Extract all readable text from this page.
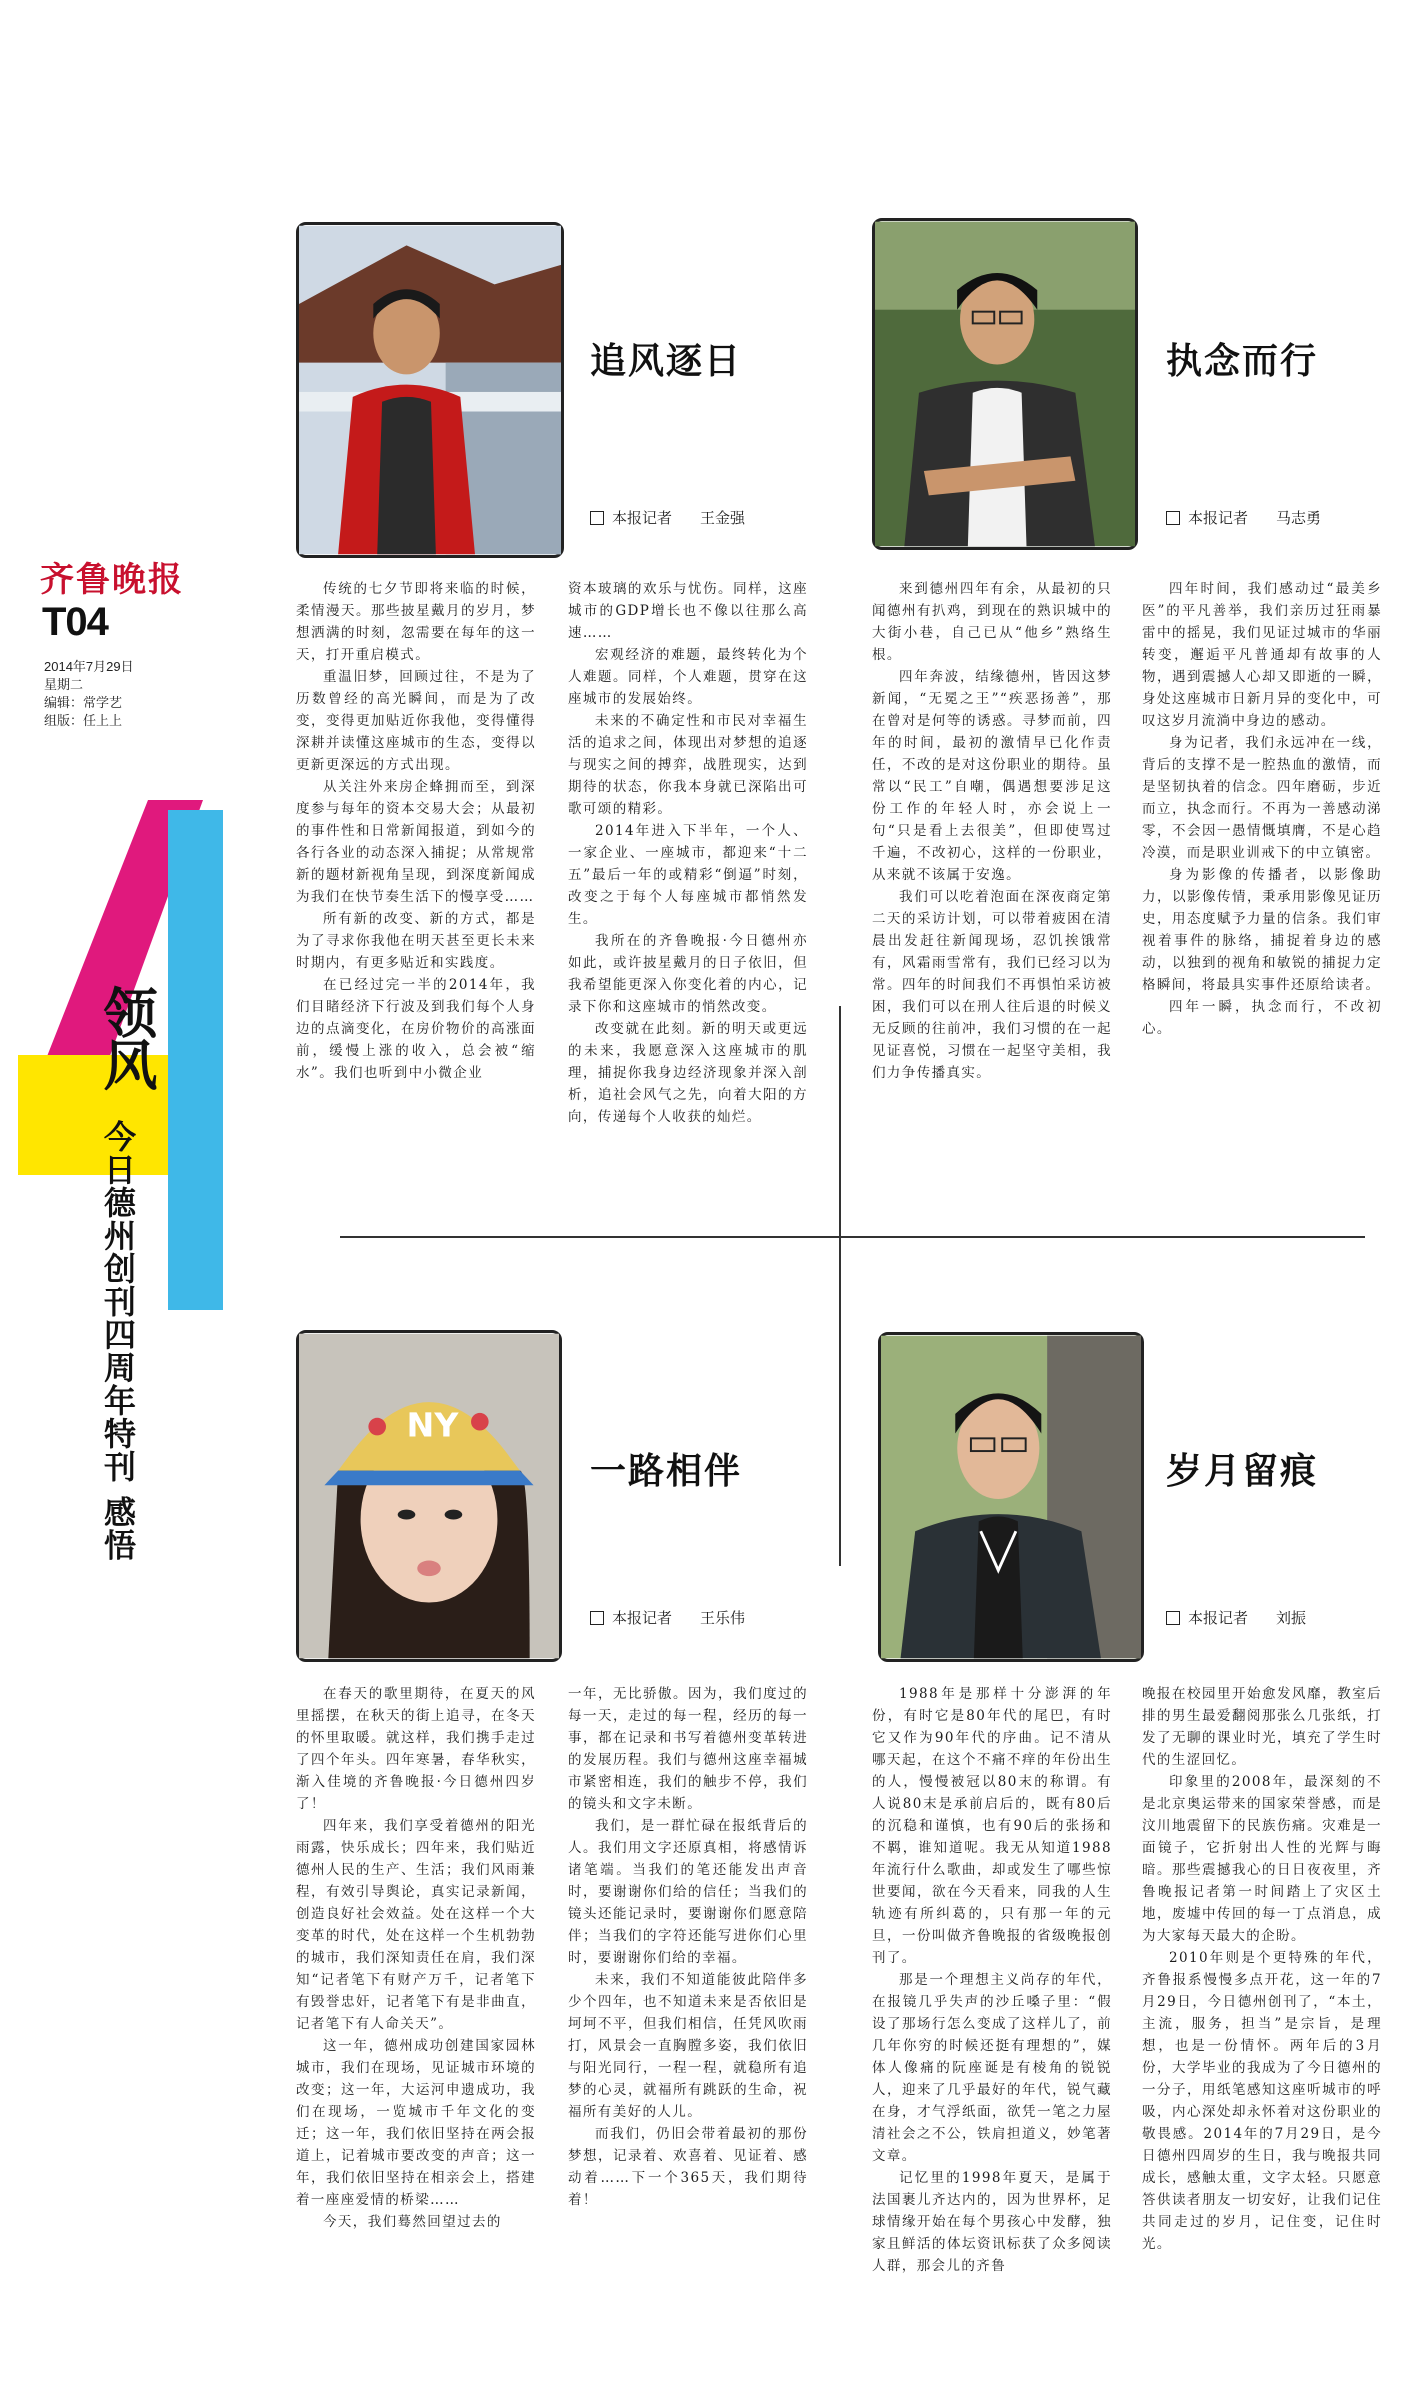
齐鲁晚报
T04
2014年7月29日
星期二
编辑：常学艺
组版：任上上
领风
今日德州创刊四周年特刊 感悟
追风逐日
本报记者 王金强

传统的七夕节即将来临的时候，柔情漫天。那些披星戴月的岁月，梦想洒满的时刻，忽需要在每年的这一天，打开重启模式。

重温旧梦，回顾过往，不是为了历数曾经的高光瞬间，而是为了改变，变得更加贴近你我他，变得懂得深耕并读懂这座城市的生态，变得以更新更深远的方式出现。

从关注外来房企蜂拥而至，到深度参与每年的资本交易大会；从最初的事件性和日常新闻报道，到如今的各行各业的动态深入捕捉；从常规常新的题材新视角呈现，到深度新闻成为我们在快节奏生活下的慢享受……

所有新的改变、新的方式，都是为了寻求你我他在明天甚至更长未来时期内，有更多贴近和实践度。

在已经过完一半的2014年，我们目睹经济下行波及到我们每个人身边的点滴变化，在房价物价的高涨面前，缓慢上涨的收入，总会被“缩水”。我们也听到中小微企业

资本玻璃的欢乐与忧伤。同样，这座城市的GDP增长也不像以往那么高速……

宏观经济的难题，最终转化为个人难题。同样，个人难题，贯穿在这座城市的发展始终。

未来的不确定性和市民对幸福生活的追求之间，体现出对梦想的追逐与现实之间的搏弈，战胜现实，达到期待的状态，你我本身就已深陷出可歌可颂的精彩。

2014年进入下半年，一个人、一家企业、一座城市，都迎来“十二五”最后一年的或精彩“倒逼”时刻，改变之于每个人每座城市都悄然发生。

我所在的齐鲁晚报·今日德州亦如此，或许披星戴月的日子依旧，但我希望能更深入你变化着的内心，记录下你和这座城市的悄然改变。

改变就在此刻。新的明天或更远的未来，我愿意深入这座城市的肌理，捕捉你我身边经济现象并深入剖析，追社会风气之先，向着大阳的方向，传递每个人收获的灿烂。

执念而行
本报记者 马志勇

来到德州四年有余，从最初的只闻德州有扒鸡，到现在的熟识城中的大街小巷，自己已从“他乡”熟络生根。

四年奔波，结缘德州，皆因这梦新闻，“无冕之王”“疾恶扬善”，那在曾对是何等的诱惑。寻梦而前，四年的时间，最初的激情早已化作责任，不改的是对这份职业的期待。虽常以“民工”自嘲，偶遇想要涉足这份工作的年轻人时，亦会说上一句“只是看上去很美”，但即使骂过千遍，不改初心，这样的一份职业，从来就不该属于安逸。

我们可以吃着泡面在深夜商定第二天的采访计划，可以带着疲困在清晨出发赶往新闻现场，忍饥挨饿常有，风霜雨雪常有，我们已经习以为常。四年的时间我们不再惧怕采访被困，我们可以在刑人往后退的时候义无反顾的往前冲，我们习惯的在一起见证喜悦，习惯在一起坚守美相，我们力争传播真实。

四年时间，我们感动过“最美乡医”的平凡善举，我们亲历过狂雨暴雷中的摇晃，我们见证过城市的华丽转变，邂逅平凡普通却有故事的人物，遇到震撼人心却又即逝的一瞬，身处这座城市日新月异的变化中，可叹这岁月流淌中身边的感动。

身为记者，我们永远冲在一线，背后的支撑不是一腔热血的激情，而是坚韧执着的信念。四年磨砺，步近而立，执念而行。不再为一善感动涕零，不会因一愚情慨填膺，不是心趋冷漠，而是职业训戒下的中立镇密。

身为影像的传播者，以影像助力，以影像传情，秉承用影像见证历史，用态度赋予力量的信条。我们审视着事件的脉络，捕捉着身边的感动，以独到的视角和敏锐的捕捉力定格瞬间，将最具实事件还原给读者。

四年一瞬，执念而行，不改初心。

NY
一路相伴
本报记者 王乐伟

在春天的歌里期待，在夏天的风里摇摆，在秋天的街上追寻，在冬天的怀里取暖。就这样，我们携手走过了四个年头。四年寒暑，春华秋实，渐入佳境的齐鲁晚报·今日德州四岁了！

四年来，我们享受着德州的阳光雨露，快乐成长；四年来，我们贴近德州人民的生产、生活；我们风雨兼程，有效引导舆论，真实记录新闻，创造良好社会效益。处在这样一个大变革的时代，处在这样一个生机勃勃的城市，我们深知责任在肩，我们深知“记者笔下有财产万千，记者笔下有毁誉忠奸，记者笔下有是非曲直，记者笔下有人命关天”。

这一年，德州成功创建国家园林城市，我们在现场，见证城市环境的改变；这一年，大运河申遗成功，我们在现场，一览城市千年文化的变迁；这一年，我们依旧坚持在两会报道上，记着城市要改变的声音；这一年，我们依旧坚持在相亲会上，搭建着一座座爱情的桥梁……

今天，我们蓦然回望过去的

一年，无比骄傲。因为，我们度过的每一天，走过的每一程，经历的每一事，都在记录和书写着德州变革转进的发展历程。我们与德州这座幸福城市紧密相连，我们的触步不停，我们的镜头和文字未断。

我们，是一群忙碌在报纸背后的人。我们用文字还原真相，将感情诉诸笔端。当我们的笔还能发出声音时，要谢谢你们给的信任；当我们的镜头还能记录时，要谢谢你们愿意陪伴；当我们的字符还能写进你们心里时，要谢谢你们给的幸福。

未来，我们不知道能彼此陪伴多少个四年，也不知道未来是否依旧是坷坷不平，但我们相信，任凭风吹雨打，风景会一直胸膛多姿，我们依旧与阳光同行，一程一程，就稳所有追梦的心灵，就福所有跳跃的生命，祝福所有美好的人儿。

而我们，仍旧会带着最初的那份梦想，记录着、欢喜着、见证着、感动着……下一个365天，我们期待着！

岁月留痕
本报记者 刘振

1988年是那样十分澎湃的年份，有时它是80年代的尾巴，有时它又作为90年代的序曲。记不清从哪天起，在这个不痛不痒的年份出生的人，慢慢被冠以80末的称谓。有人说80末是承前启后的，既有80后的沉稳和谨慎，也有90后的张扬和不羁，谁知道呢。我无从知道1988年流行什么歌曲，却或发生了哪些惊世要闻，欲在今天看来，同我的人生轨迹有所纠葛的，只有那一年的元旦，一份叫做齐鲁晚报的省级晚报创刊了。

那是一个理想主义尚存的年代，在报镜几乎失声的沙丘嗓子里：“假设了那场行怎么变成了这样儿了，前几年你穷的时候还挺有理想的”，媒体人像痛的阮座诞是有棱角的锐锐人，迎来了几乎最好的年代，锐气藏在身，才气浮纸面，欲凭一笔之力屋清社会之不公，铁肩担道义，妙笔著文章。

记忆里的1998年夏天，是属于法国裹儿齐达内的，因为世界杯，足球情缘开始在每个男孩心中发酵，独家且鲜活的体坛资讯标获了众多阅读人群，那会儿的齐鲁

晚报在校园里开始愈发风靡，教室后排的男生最爱翻阅那张么几张纸，打发了无聊的课业时光，填充了学生时代的生涩回忆。

印象里的2008年，最深刻的不是北京奥运带来的国家荣誉感，而是汶川地震留下的民族伤痛。灾难是一面镜子，它折射出人性的光辉与晦暗。那些震撼我心的日日夜夜里，齐鲁晚报记者第一时间踏上了灾区土地，废墟中传回的每一丁点消息，成为大家每天最大的企盼。

2010年则是个更特殊的年代，齐鲁报系慢慢多点开花，这一年的7月29日，今日德州创刊了，“本土，主流，服务，担当”是宗旨，是理想，也是一份情怀。两年后的3月份，大学毕业的我成为了今日德州的一分子，用纸笔感知这座听城市的呼吸，内心深处却永怀着对这份职业的敬畏感。2014年的7月29日，是今日德州四周岁的生日，我与晚报共同成长，感触太重，文字太轻。只愿意答供读者朋友一切安好，让我们记住共同走过的岁月，记住变，记住时光。
